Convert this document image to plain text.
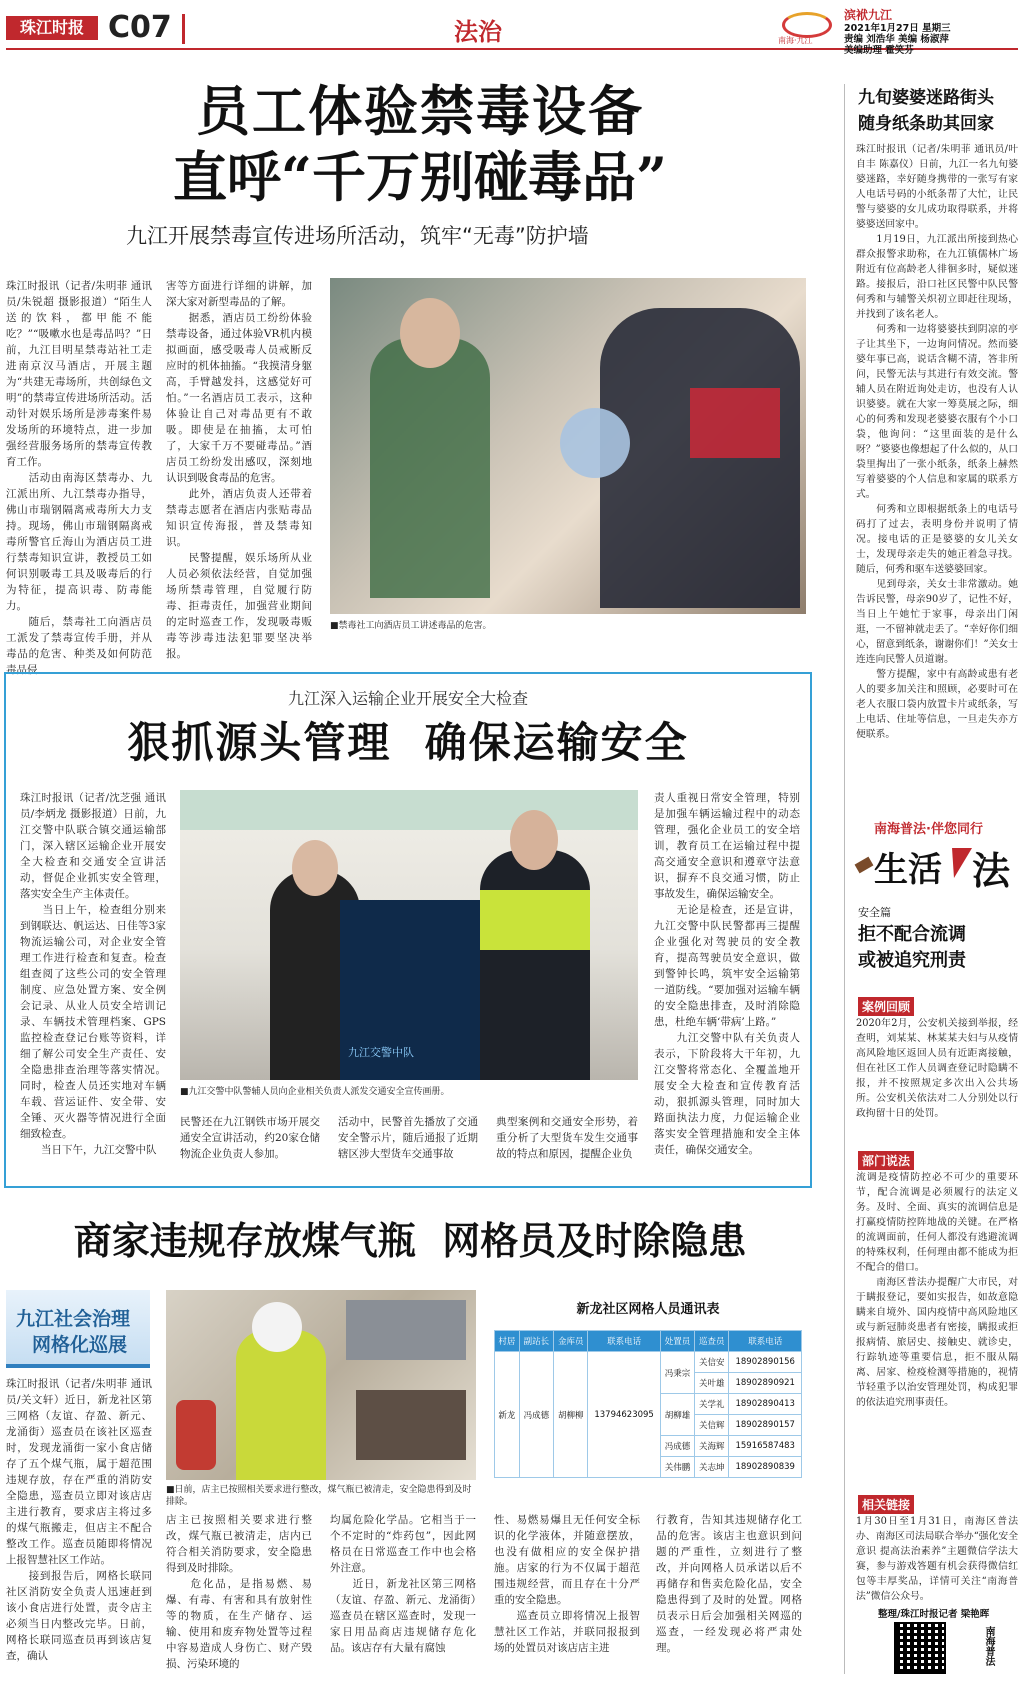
珠江时报 C07	法治	南海·九江
滨袱九江
2021年1月27日 星期三
责编 刘浩华 美编 杨淑萍
美编助理 霍笑芬
员工体验禁毒设备
直呼“千万别碰毒品”
九江开展禁毒宣传进场所活动，筑牢“无毒”防护墙
珠江时报讯（记者/朱明菲 通讯员/朱锐超 摄影报道）“陌生人送的饮料，都甲能不能吃？”“吸嗽水也是毒品吗？”日前，九江目明星禁毒站社工走进南京汉马酒店，开展主题为“共建无毒场所，共创绿色文明”的禁毒宣传进场所活动。活动针对娱乐场所是涉毒案件易发场所的环境特点，进一步加强经营服务场所的禁毒宣传教育工作。
　　活动由南海区禁毒办、九江派出所、九江禁毒办指导，佛山市瑞钢隔离戒毒所大力支持。现场，佛山市瑞钢隔离戒毒所警官丘海山为酒店员工进行禁毒知识宣讲，教授员工如何识别吸毒工具及吸毒后的行为特征，提高识毒、防毒能力。
　　随后，禁毒社工向酒店员工派发了禁毒宣传手册，并从毒品的危害、种类及如何防范毒品侵
害等方面进行详细的讲解，加深大家对新型毒品的了解。
　　据悉，酒店员工纷纷体验禁毒设备，通过体验VR机内模拟画面，感受吸毒人员戒断反应时的机体抽搐。“我摸清身躯高，手臂越发抖，这感觉好可怕。”一名酒店员工表示，这种体验让自己对毒品更有不敢吸。即使是在抽搐，太可怕了，大家千万不要碰毒品。”酒店员工纷纷发出感叹，深刻地认识到吸食毒品的危害。
　　此外，酒店负责人还带着禁毒志愿者在酒店内张贴毒品知识宣传海报，普及禁毒知识。
　　民警提醒，娱乐场所从业人员必须依法经营，自觉加强场所禁毒管理，自觉履行防毒、拒毒责任，加强营业期间的定时巡查工作，发现吸毒贩毒等涉毒违法犯罪要坚决举报。
■禁毒社工向酒店员工讲述毒品的危害。
九江深入运输企业开展安全大检查
狠抓源头管理  确保运输安全
珠江时报讯（记者/沈芝强 通讯员/李炳龙 摄影报道）日前，九江交警中队联合镇交通运输部门，深入辖区运输企业开展安全大检查和交通安全宣讲活动，督促企业抓实安全管理，落实安全生产主体责任。
　　当日上午，检查组分别来到钢联达、帆运达、日佳等3家物流运输公司，对企业安全管理工作进行检查和复查。检查组查阅了这些公司的安全管理制度、应急处置方案、安全例会记录、从业人员安全培训记录、车辆技术管理档案、GPS监控检查登记台账等资料，详细了解公司安全生产责任、安全隐患排查治理等落实情况。同时，检查人员还实地对车辆车载、营运证件、安全带、安全锤、灭火器等情况进行全面细致检查。
　　当日下午，九江交警中队
九江交警中队
■九江交警中队警辅人员向企业相关负责人派发交通安全宣传画册。
民警还在九江钢铁市场开展交通安全宣讲活动，约20家仓储物流企业负责人参加。
活动中，民警首先播放了交通安全警示片，随后通报了近期辖区涉大型货车交通事故
典型案例和交通安全形势，着重分析了大型货车发生交通事故的特点和原因，提醒企业负
责人重视日常安全管理，特别是加强车辆运输过程中的动态管理，强化企业员工的安全培训，教育员工在运输过程中提高交通安全意识和遵章守法意识，摒弃不良交通习惯，防止事故发生，确保运输安全。
　　无论是检查，还是宣讲，九江交警中队民警都再三提醒企业强化对驾驶员的安全教育，提高驾驶员安全意识，做到警钟长鸣，筑牢安全运输第一道防线。“要加强对运输车辆的安全隐患排查，及时消除隐患，杜绝车辆‘带病’上路。”
　　九江交警中队有关负责人表示，下阶段将大干年初，九江交警将常态化、全覆盖地开展安全大检查和宣传教育活动，狠抓源头管理，同时加大路面执法力度，力促运输企业落实安全管理措施和安全主体责任，确保交通安全。
商家违规存放煤气瓶  网格员及时除隐患
九江社会治理
网格化巡展
珠江时报讯（记者/朱明菲 通讯员/关文轩）近日，新龙社区第三网格（友谊、存盈、新元、龙涌街）巡查员在该社区巡查时，发现龙涌街一家小食店储存了五个煤气瓶，属于超范围违规存放，存在严重的消防安全隐患，巡查员立即对该店店主进行教育，要求店主将过多的煤气瓶搬走，但店主不配合整改工作。巡查员随即将情况上报智慧社区工作站。
　　接到报告后，网格长联同社区消防安全负责人迅速赶到该小食店进行处置，责令店主必须当日内整改完毕。日前，网格长联同巡查员再到该店复查，确认
■日前，店主已按照相关要求进行整改，煤气瓶已被清走，安全隐患得到及时排除。
店主已按照相关要求进行整改，煤气瓶已被清走，店内已符合相关消防要求，安全隐患得到及时排除。
　　危化品，是指易燃、易爆、有毒、有害和具有放射性等的物质，在生产储存、运输、使用和废弃物处置等过程中容易造成人身伤亡、财产毁损、污染环境的
均属危险化学品。它相当于一个不定时的“炸药包”，因此网格员在日常巡查工作中也会格外注意。
　　近日，新龙社区第三网格（友谊、存盈、新元、龙涌街）巡查员在辖区巡查时，发现一家日用品商店违规储存危化品。该店存有大量有腐蚀
性、易燃易爆且无任何安全标识的化学液体，并随意摆放，也没有做相应的安全保护措施。店家的行为不仅属于超范围违规经营，而且存在十分严重的安全隐患。
　　巡查员立即将情况上报智慧社区工作站，并联同报报到场的处置员对该店店主进
行教育，告知其违规储存化工品的危害。该店主也意识到问题的严重性，立刻进行了整改，并向网格人员承诺以后不再储存和售卖危险化品，安全隐患得到了及时的处置。网格员表示日后会加强相关网巡的巡查，一经发现必将严肃处理。
新龙社区网格人员通讯表
村居	副站长	金库员	联系电话	处置员	巡查员	联系电话
新龙	冯成德	胡柳柳	13794623095	冯秉宗	关信安	18902890156
					关叶雄	18902890921
				胡柳雄	关学礼	18902890413
					关信辉	18902890157
				冯成德	关海辉	15916587483
				关伟鹏	关志坤	18902890839
九旬婆婆迷路街头
随身纸条助其回家
珠江时报讯（记者/朱明菲 通讯员/叶自丰 陈嘉仪）日前，九江一名九旬婆婆迷路，幸好随身携带的一张写有家人电话号码的小纸条帮了大忙，让民警与婆婆的女儿成功取得联系，并将婆婆送回家中。
　　1月19日，九江派出所接到热心群众报警求助称，在九江镇儒林广场附近有位高龄老人徘徊多时，疑似迷路。接报后，沿口社区民警中队民警何秀和与辅警关炽初立即赶往现场，并找到了该名老人。
　　何秀和一边将婆婆扶到阴凉的亭子让其坐下，一边询问情况。然而婆婆年事已高，说话含糊不清，答非所问，民警无法与其进行有效交流。警辅人员在附近询处走访，也没有人认识婆婆。就在大家一筹莫展之际，细心的何秀和发现老婆婆衣服有个小口袋，他询问：“这里面装的是什么呀？”婆婆也像想起了什么似的，从口袋里掏出了一张小纸条，纸条上赫然写着婆婆的个人信息和家属的联系方式。
　　何秀和立即根据纸条上的电话号码打了过去，表明身份并说明了情况。接电话的正是婆婆的女儿关女士，发现母亲走失的她正着急寻找。随后，何秀和驱车送婆婆回家。
　　见到母亲，关女士非常激动。她告诉民警，母亲90岁了，记性不好，当日上午她忙于家事，母亲出门闲逛，一不留神就走丢了。“幸好你们细心，留意到纸条，谢谢你们！”关女士连连向民警人员道谢。
　　警方提醒，家中有高龄或患有老人的要多加关注和照顾，必要时可在老人衣服口袋内放置卡片或纸条，写上电话、住址等信息，一旦走失亦方便联系。
南海普法·伴您同行
生活 法
安全篇
拒不配合流调
或被追究刑责
案例回顾
2020年2月，公安机关接到举报，经查明，刘某某、林某某夫妇与从疫情高风险地区返回人员有近距离接触，但在社区工作人员调查登记时隐瞒不报，并不按照规定多次出入公共场所。公安机关依法对二人分别处以行政拘留十日的处罚。
部门说法
流调是疫情防控必不可少的重要环节，配合流调是必须履行的法定义务。及时、全面、真实的流调信息是打赢疫情防控阵地战的关键。在严格的流调面前，任何人都没有逃避流调的特殊权利，任何理由都不能成为拒不配合的借口。
　　南海区普法办提醒广大市民，对于瞒报登记，要如实报告，如故意隐瞒来自境外、国内疫情中高风险地区或与新冠肺炎患者有密接，瞒报或拒报病情、旅居史、接触史、就诊史，行踪轨迹等重要信息，拒不服从隔离、居家、检疫检测等措施的，视情节轻重予以治安管理处罚，构成犯罪的依法追究刑事责任。
相关链接
1月30日至1月31日，南海区普法办、南海区司法局联合举办“强化安全意识 提高法治素养”主题微信学法大赛，参与游戏答题有机会获得微信红包等丰厚奖品，详情可关注“南海普法”微信公众号。
整理/珠江时报记者 梁艳晖
南海普法
